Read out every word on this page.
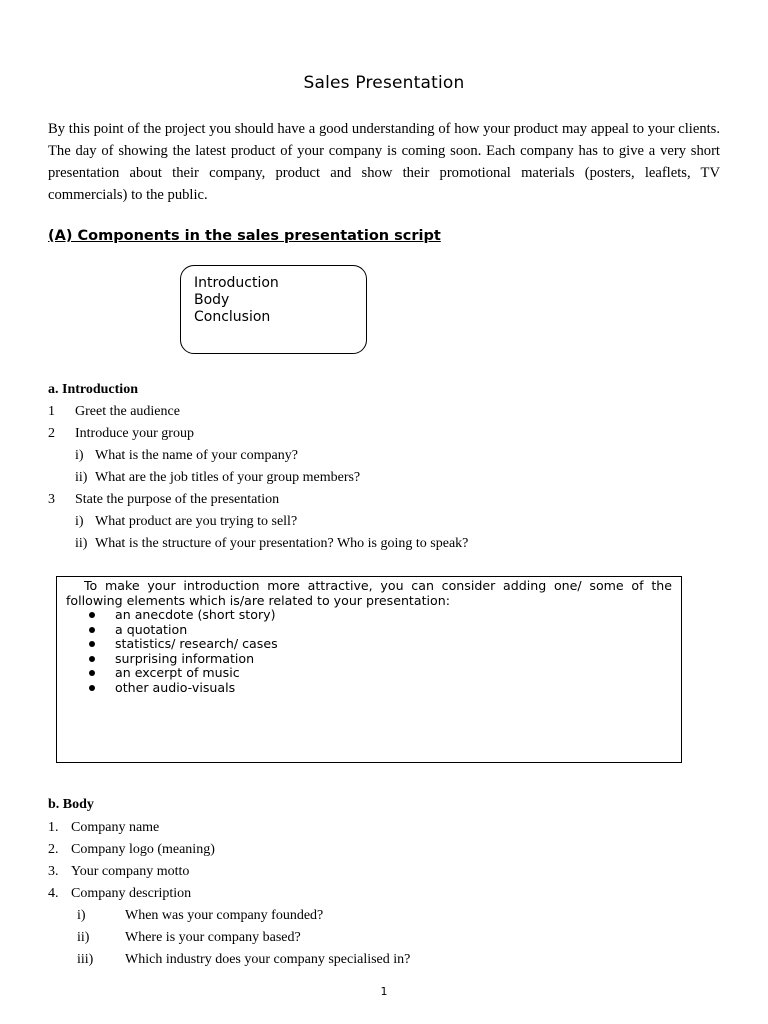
Sales Presentation
By this point of the project you should have a good understanding of how your product may appeal to your clients. The day of showing the latest product of your company is coming soon. Each company has to give a very short presentation about their company, product and show their promotional materials (posters, leaflets, TV commercials) to the public.
(A) Components in the sales presentation script
Introduction
Body
Conclusion
a. Introduction
1 Greet the audience
2 Introduce your group
i) What is the name of your company?
ii) What are the job titles of your group members?
3 State the purpose of the presentation
i) What product are you trying to sell?
ii) What is the structure of your presentation? Who is going to speak?
To make your introduction more attractive, you can consider adding one/ some of the following elements which is/are related to your presentation:
an anecdote (short story)
a quotation
statistics/ research/ cases
surprising information
an excerpt of music
other audio-visuals
b. Body
1. Company name
2. Company logo (meaning)
3. Your company motto
4. Company description
i)	When was your company founded?
ii)	Where is your company based?
iii) Which industry does your company specialised in?
1
